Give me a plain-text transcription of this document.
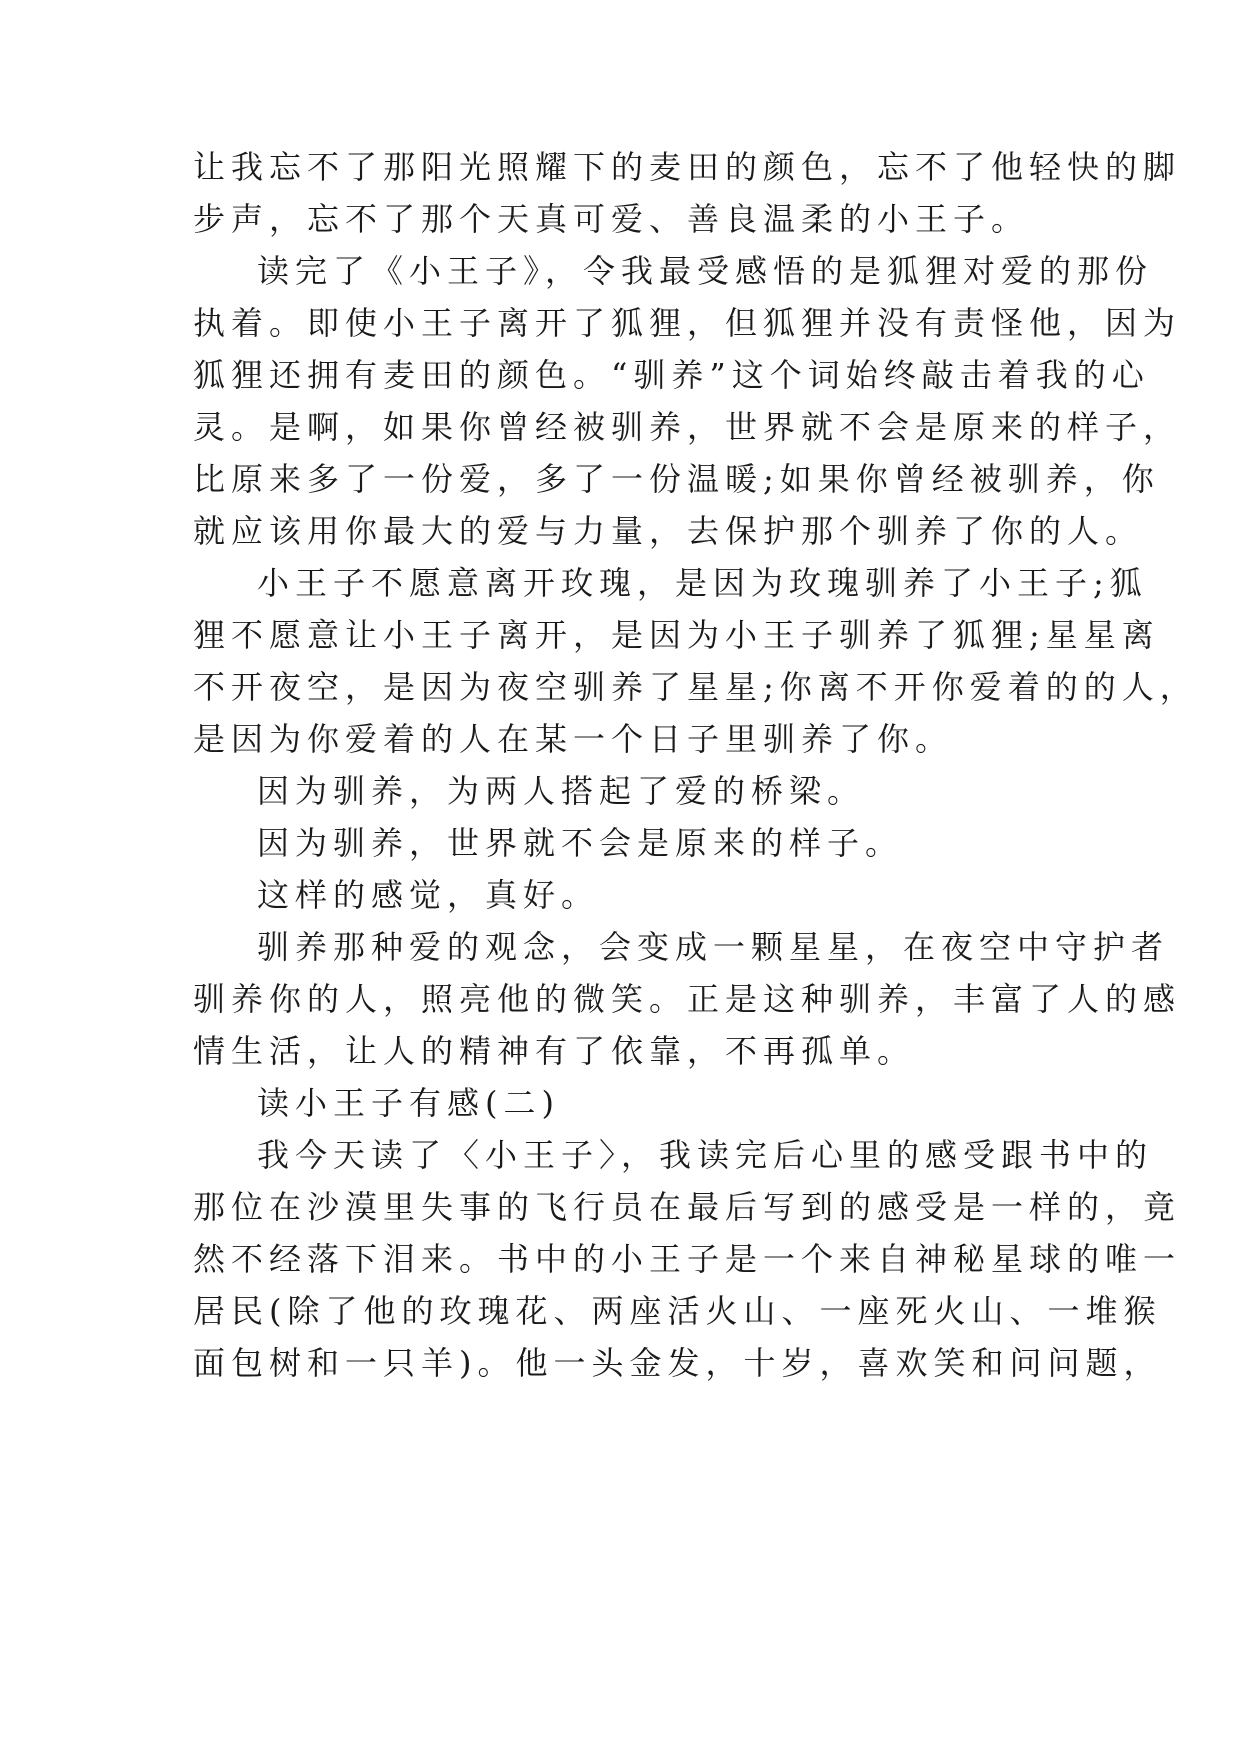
让我忘不了那阳光照耀下的麦田的颜色，忘不了他轻快的脚
步声，忘不了那个天真可爱、善良温柔的小王子。
读完了《小王子》，令我最受感悟的是狐狸对爱的那份
执着。即使小王子离开了狐狸，但狐狸并没有责怪他，因为
狐狸还拥有麦田的颜色。“驯养”这个词始终敲击着我的心
灵。是啊，如果你曾经被驯养，世界就不会是原来的样子，
比原来多了一份爱，多了一份温暖;如果你曾经被驯养，你
就应该用你最大的爱与力量，去保护那个驯养了你的人。
小王子不愿意离开玫瑰，是因为玫瑰驯养了小王子;狐
狸不愿意让小王子离开，是因为小王子驯养了狐狸;星星离
不开夜空，是因为夜空驯养了星星;你离不开你爱着的的人，
是因为你爱着的人在某一个日子里驯养了你。
因为驯养，为两人搭起了爱的桥梁。
因为驯养，世界就不会是原来的样子。
这样的感觉，真好。
驯养那种爱的观念，会变成一颗星星，在夜空中守护者
驯养你的人，照亮他的微笑。正是这种驯养，丰富了人的感
情生活，让人的精神有了依靠，不再孤单。
读小王子有感(二)
我今天读了〈小王子〉，我读完后心里的感受跟书中的
那位在沙漠里失事的飞行员在最后写到的感受是一样的，竟
然不经落下泪来。书中的小王子是一个来自神秘星球的唯一
居民(除了他的玫瑰花、两座活火山、一座死火山、一堆猴
面包树和一只羊)。他一头金发，十岁，喜欢笑和问问题，
